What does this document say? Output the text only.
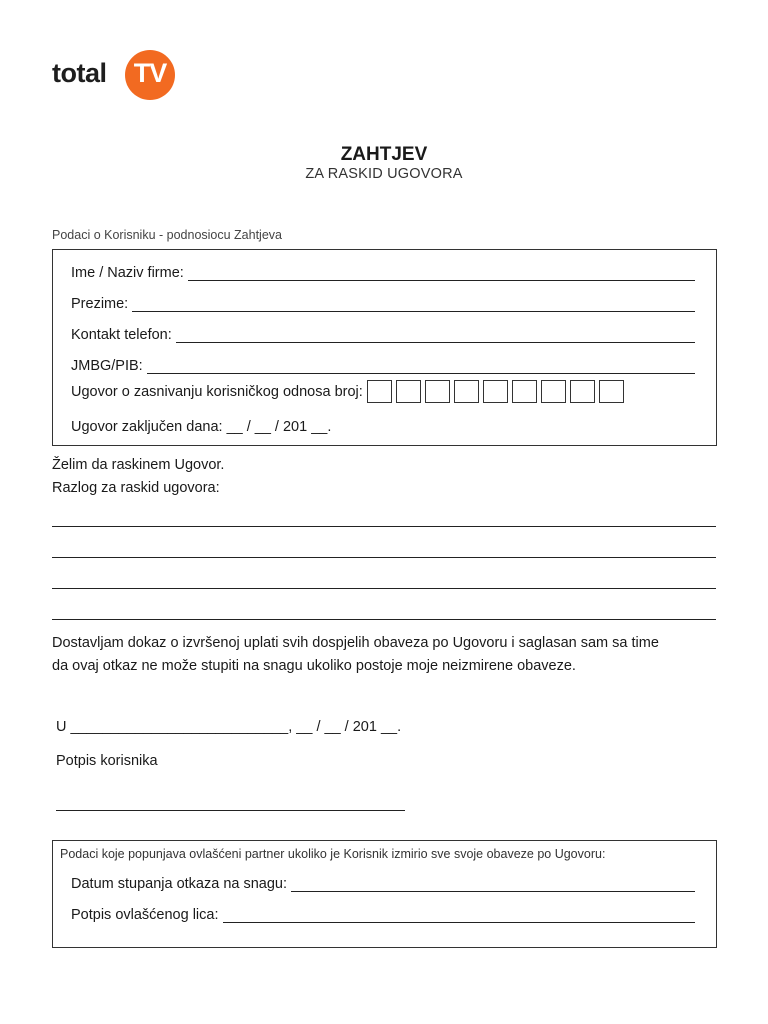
total	TV
ZAHTJEV
ZA RASKID UGOVORA
Podaci o Korisniku - podnosiocu Zahtjeva
Ime / Naziv firme:
Prezime:
Kontakt telefon:
JMBG/PIB:
Ugovor o zasnivanju korisničkog odnosa broj:
Ugovor zaključen dana: __ / __ / 201 __.
Želim da raskinem Ugovor.
Razlog za raskid ugovora:
Dostavljam dokaz o izvršenoj uplati svih dospjelih obaveza po Ugovoru i saglasan sam sa time
da ovaj otkaz ne može stupiti na snagu ukoliko postoje moje neizmirene obaveze.
U ___________________________, __ / __ / 201 __.
Potpis korisnika
Podaci koje popunjava ovlašćeni partner ukoliko je Korisnik izmirio sve svoje obaveze po Ugovoru:
Datum stupanja otkaza na snagu:
Potpis ovlašćenog lica:
